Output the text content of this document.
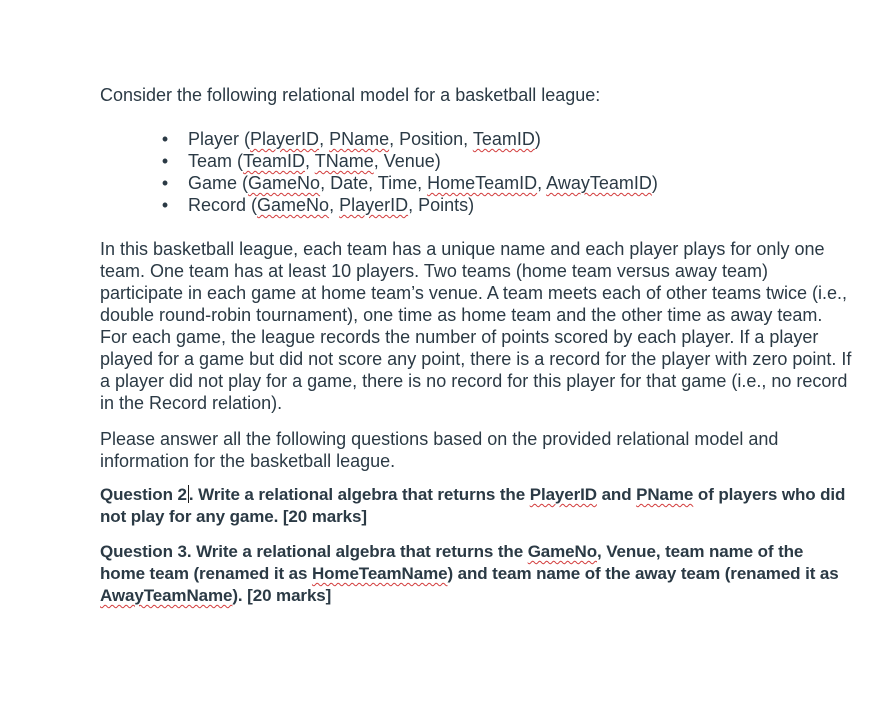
Consider the following relational model for a basketball league:

• Player (PlayerID, PName, Position, TeamID)
• Team (TeamID, TName, Venue)
• Game (GameNo, Date, Time, HomeTeamID, AwayTeamID)
• Record (GameNo, PlayerID, Points)

In this basketball league, each team has a unique name and each player plays for only one team. One team has at least 10 players. Two teams (home team versus away team) participate in each game at home team’s venue. A team meets each of other teams twice (i.e., double round-robin tournament), one time as home team and the other time as away team. For each game, the league records the number of points scored by each player. If a player played for a game but did not score any point, there is a record for the player with zero point. If a player did not play for a game, there is no record for this player for that game (i.e., no record in the Record relation).

Please answer all the following questions based on the provided relational model and information for the basketball league.

Question 2 . Write a relational algebra that returns the PlayerID and PName of players who did not play for any game. [20 marks]

Question 3. Write a relational algebra that returns the GameNo, Venue, team name of the home team (renamed it as HomeTeamName) and team name of the away team (renamed it as AwayTeamName). [20 marks]
